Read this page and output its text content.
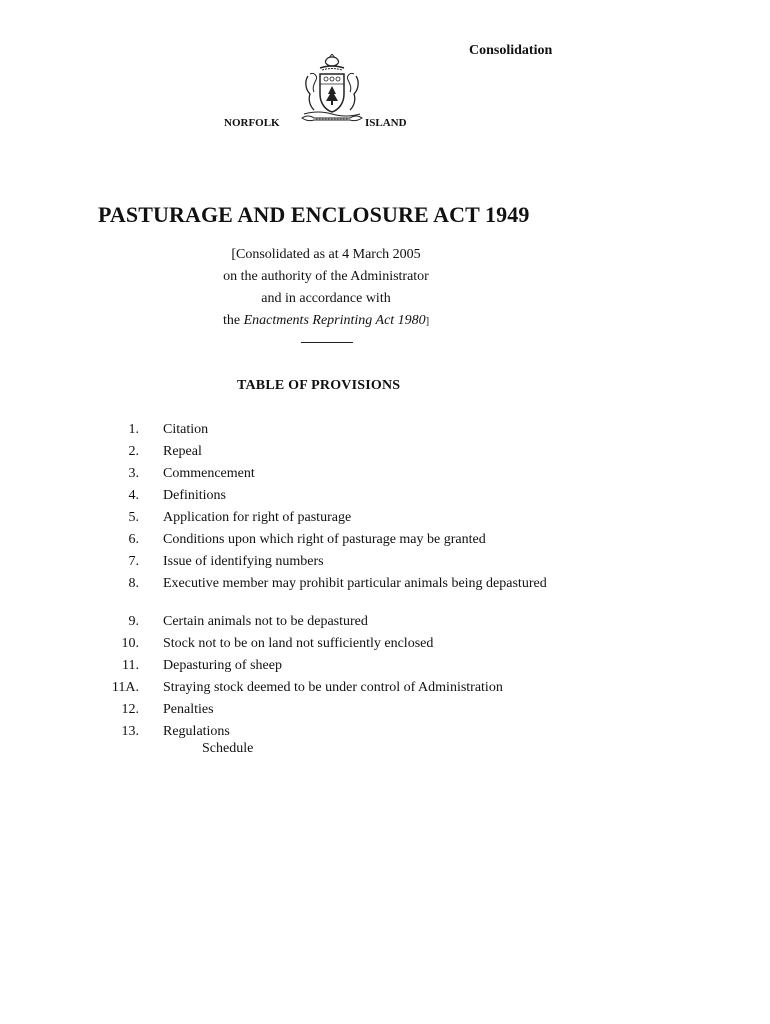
Consolidation
NORFOLK	ISLAND
PASTURAGE AND ENCLOSURE ACT 1949
[Consolidated as at 4 March 2005
on the authority of the Administrator
and in accordance with
the Enactments Reprinting Act 1980]
TABLE OF PROVISIONS
1. Citation
2. Repeal
3. Commencement
4. Definitions
5. Application for right of pasturage
6. Conditions upon which right of pasturage may be granted
7. Issue of identifying numbers
8. Executive member may prohibit particular animals being depastured
9. Certain animals not to be depastured
10. Stock not to be on land not sufficiently enclosed
11. Depasturing of sheep
11A. Straying stock deemed to be under control of Administration
12. Penalties
13. Regulations
Schedule
